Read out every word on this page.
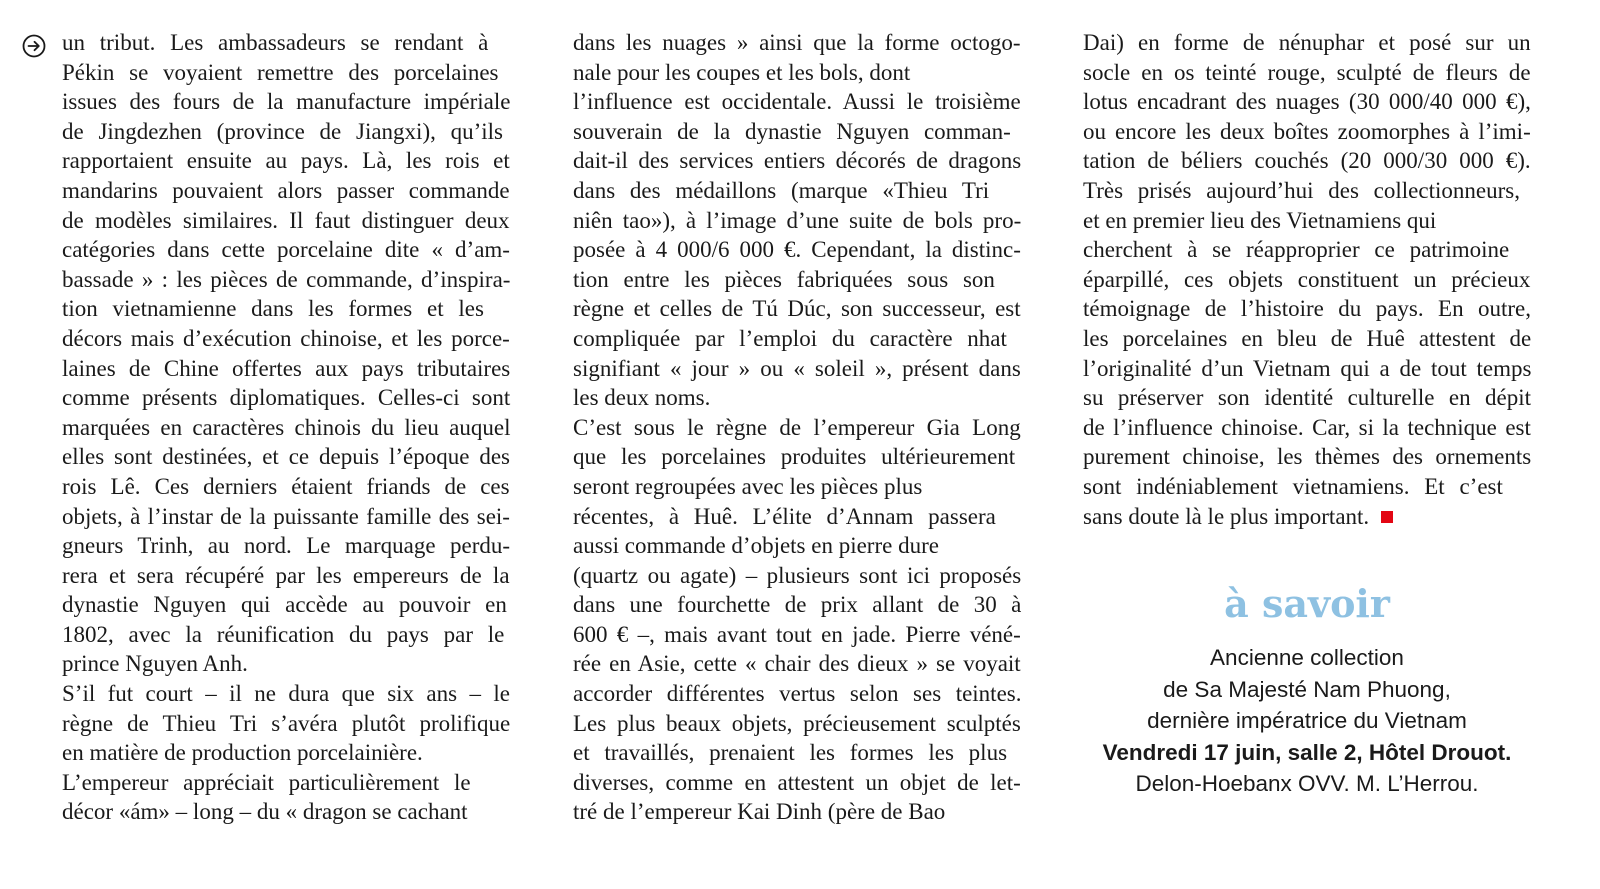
un tribut. Les ambassadeurs se rendant à
Pékin se voyaient remettre des porcelaines
issues des fours de la manufacture impériale
de Jingdezhen (province de Jiangxi), qu’ils
rapportaient ensuite au pays. Là, les rois et
mandarins pouvaient alors passer commande
de modèles similaires. Il faut distinguer deux
catégories dans cette porcelaine dite « d’am-
bassade » : les pièces de commande, d’inspira-
tion vietnamienne dans les formes et les
décors mais d’exécution chinoise, et les porce-
laines de Chine offertes aux pays tributaires
comme présents diplomatiques. Celles-ci sont
marquées en caractères chinois du lieu auquel
elles sont destinées, et ce depuis l’époque des
rois Lê. Ces derniers étaient friands de ces
objets, à l’instar de la puissante famille des sei-
gneurs Trinh, au nord. Le marquage perdu-
rera et sera récupéré par les empereurs de la
dynastie Nguyen qui accède au pouvoir en
1802, avec la réunification du pays par le
prince Nguyen Anh.
S’il fut court – il ne dura que six ans – le
règne de Thieu Tri s’avéra plutôt prolifique
en matière de production porcelainière.
L’empereur appréciait particulièrement le
décor «ám» – long – du « dragon se cachant
dans les nuages » ainsi que la forme octogo-
nale pour les coupes et les bols, dont
l’influence est occidentale. Aussi le troisième
souverain de la dynastie Nguyen comman-
dait-il des services entiers décorés de dragons
dans des médaillons (marque «Thieu Tri
niên tao»), à l’image d’une suite de bols pro-
posée à 4 000/6 000 €. Cependant, la distinc-
tion entre les pièces fabriquées sous son
règne et celles de Tú Dúc, son successeur, est
compliquée par l’emploi du caractère nhat
signifiant « jour » ou « soleil », présent dans
les deux noms.
C’est sous le règne de l’empereur Gia Long
que les porcelaines produites ultérieurement
seront regroupées avec les pièces plus
récentes, à Huê. L’élite d’Annam passera
aussi commande d’objets en pierre dure
(quartz ou agate) – plusieurs sont ici proposés
dans une fourchette de prix allant de 30 à
600 € –, mais avant tout en jade. Pierre véné-
rée en Asie, cette « chair des dieux » se voyait
accorder différentes vertus selon ses teintes.
Les plus beaux objets, précieusement sculptés
et travaillés, prenaient les formes les plus
diverses, comme en attestent un objet de let-
tré de l’empereur Kai Dinh (père de Bao
Dai) en forme de nénuphar et posé sur un
socle en os teinté rouge, sculpté de fleurs de
lotus encadrant des nuages (30 000/40 000 €),
ou encore les deux boîtes zoomorphes à l’imi-
tation de béliers couchés (20 000/30 000 €).
Très prisés aujourd’hui des collectionneurs,
et en premier lieu des Vietnamiens qui
cherchent à se réapproprier ce patrimoine
éparpillé, ces objets constituent un précieux
témoignage de l’histoire du pays. En outre,
les porcelaines en bleu de Huê attestent de
l’originalité d’un Vietnam qui a de tout temps
su préserver son identité culturelle en dépit
de l’influence chinoise. Car, si la technique est
purement chinoise, les thèmes des ornements
sont indéniablement vietnamiens. Et c’est
sans doute là le plus important.
à savoir
Ancienne collection
de Sa Majesté Nam Phuong,
dernière impératrice du Vietnam
Vendredi 17 juin, salle 2, Hôtel Drouot.
Delon-Hoebanx OVV. M. L’Herrou.
